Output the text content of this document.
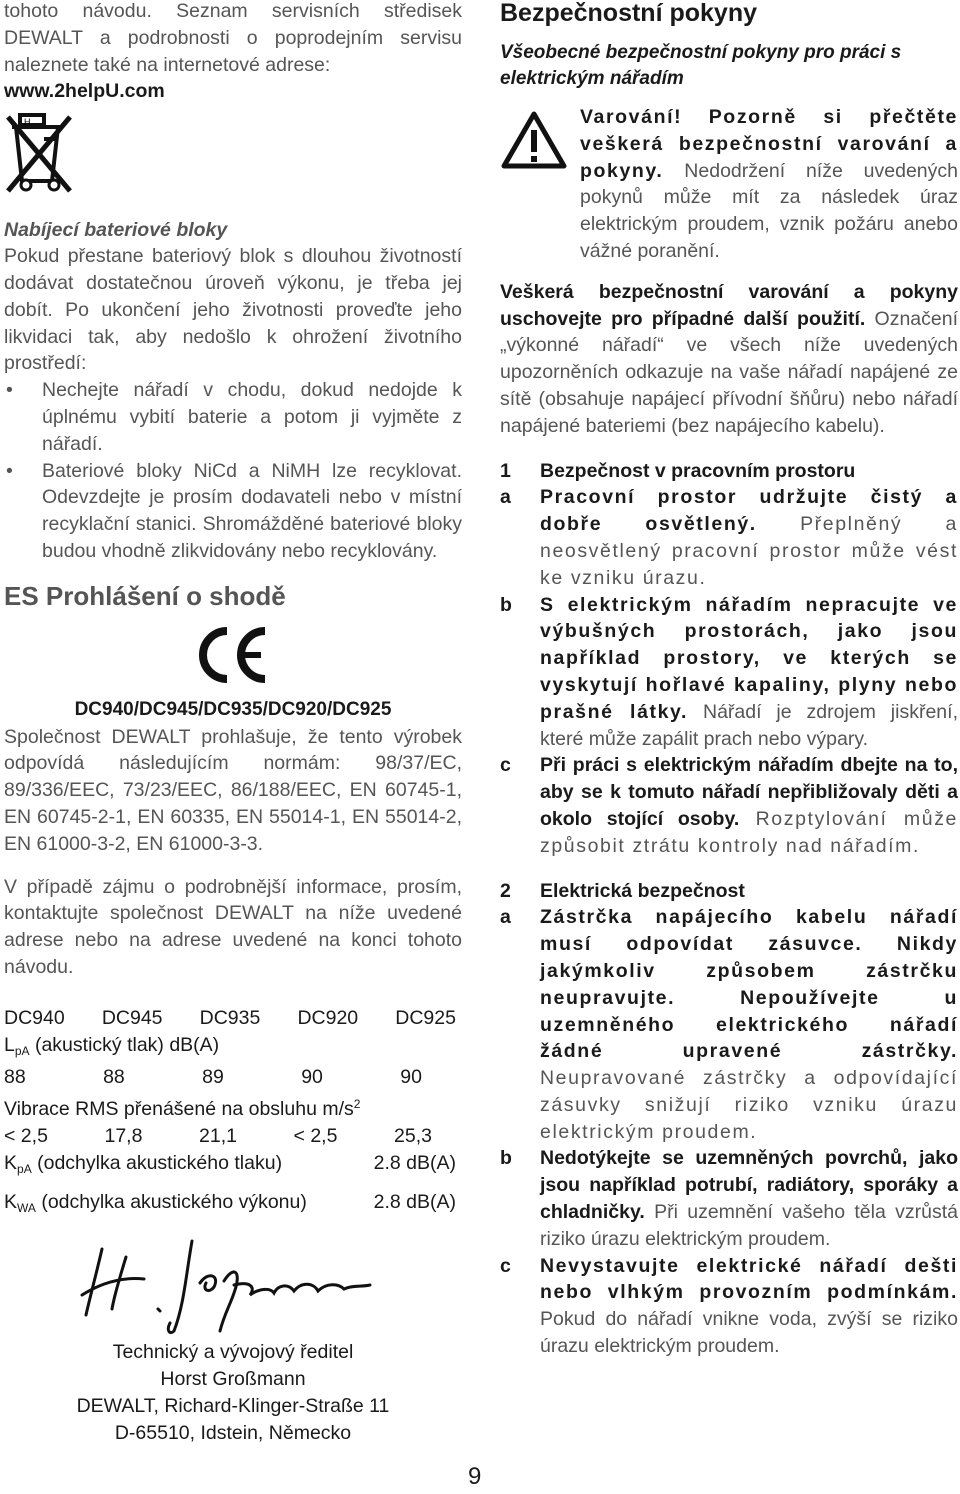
tohoto návodu. Seznam servisních středisek DEWALT a podrobnosti o poprodejním servisu naleznete také na internetové adrese:

www.2helpU.com

H

Nabíjecí bateriové bloky

Pokud přestane bateriový blok s dlouhou životností dodávat dostatečnou úroveň výkonu, je třeba jej dobít. Po ukončení jeho životnosti proveďte jeho likvidaci tak, aby nedošlo k ohrožení životního prostředí:

• Nechejte nářadí v chodu, dokud nedojde k úplnému vybití baterie a potom ji vyjměte z nářadí.
• Bateriové bloky NiCd a NiMH lze recyklovat. Odevzdejte je prosím dodavateli nebo v místní recyklační stanici. Shromážděné bateriové bloky budou vhodně zlikvidovány nebo recyklovány.
ES Prohlášení o shodě

DC940/DC945/DC935/DC920/DC925

Společnost DEWALT prohlašuje, že tento výrobek odpovídá následujícím normám: 98/37/EC, 89/336/EEC, 73/23/EEC, 86/188/EEC, EN 60745-1, EN 60745-2-1, EN 60335, EN 55014-1, EN 55014-2, EN 61000-3-2, EN 61000-3-3.

V případě zájmu o podrobnější informace, prosím, kontaktujte společnost DEWALT na níže uvedené adrese nebo na adrese uvedené na konci tohoto návodu.

DC940 DC945 DC935 DC920 DC925
$L_{pA}$ (akustický tlak) dB(A)
88	88	89	90	90
Vibrace RMS přenášené na obsluhu $m/s^2$
< 2,5	17,8	21,1	< 2,5	25,3
$K_{pA}$ (odchylka akustického tlaku)	2.8 dB(A)
$K_{WA}$ (odchylka akustického výkonu)	2.8 dB(A)

Technický a vývojový ředitel

Horst Großmann

DEWALT, Richard-Klinger-Straße 11

D-65510, Idstein, Německo

Bezpečnostní pokyny

Všeobecné bezpečnostní pokyny pro práci s elektrickým nářadím

Varování! Pozorně si přečtěte veškerá bezpečnostní varování a pokyny. Nedodržení níže uvedených pokynů může mít za následek úraz elektrickým proudem, vznik požáru anebo vážné poranění.

Veškerá bezpečnostní varování a pokyny uschovejte pro případné další použití. Označení „výkonné nářadí“ ve všech níže uvedených upozorněních odkazuje na vaše nářadí napájené ze sítě (obsahuje napájecí přívodní šňůru) nebo nářadí napájené bateriemi (bez napájecího kabelu).

1 Bezpečnost v pracovním prostoru
a Pracovní prostor udržujte čistý a dobře osvětlený. Přeplněný a neosvětlený pracovní prostor může vést ke vzniku úrazu.
b S elektrickým nářadím nepracujte ve výbušných prostorách, jako jsou například prostory, ve kterých se vyskytují hořlavé kapaliny, plyny nebo prašné látky. Nářadí je zdrojem jiskření, které může zapálit prach nebo výpary.
c Při práci s elektrickým nářadím dbejte na to, aby se k tomuto nářadí nepřibližovaly děti a okolo stojící osoby. Rozptylování může způsobit ztrátu kontroly nad nářadím.
2 Elektrická bezpečnost
a Zástrčka napájecího kabelu nářadí musí odpovídat zásuvce. Nikdy jakýmkoliv způsobem zástrčku neupravujte. Nepoužívejte u uzemněného elektrického nářadí žádné upravené zástrčky. Neupravované zástrčky a odpovídající zásuvky snižují riziko vzniku úrazu elektrickým proudem.
b Nedotýkejte se uzemněných povrchů, jako jsou například potrubí, radiátory, sporáky a chladničky. Při uzemnění vašeho těla vzrůstá riziko úrazu elektrickým proudem.
c Nevystavujte elektrické nářadí dešti nebo vlhkým provozním podmínkám. Pokud do nářadí vnikne voda, zvýší se riziko úrazu elektrickým proudem.
9
